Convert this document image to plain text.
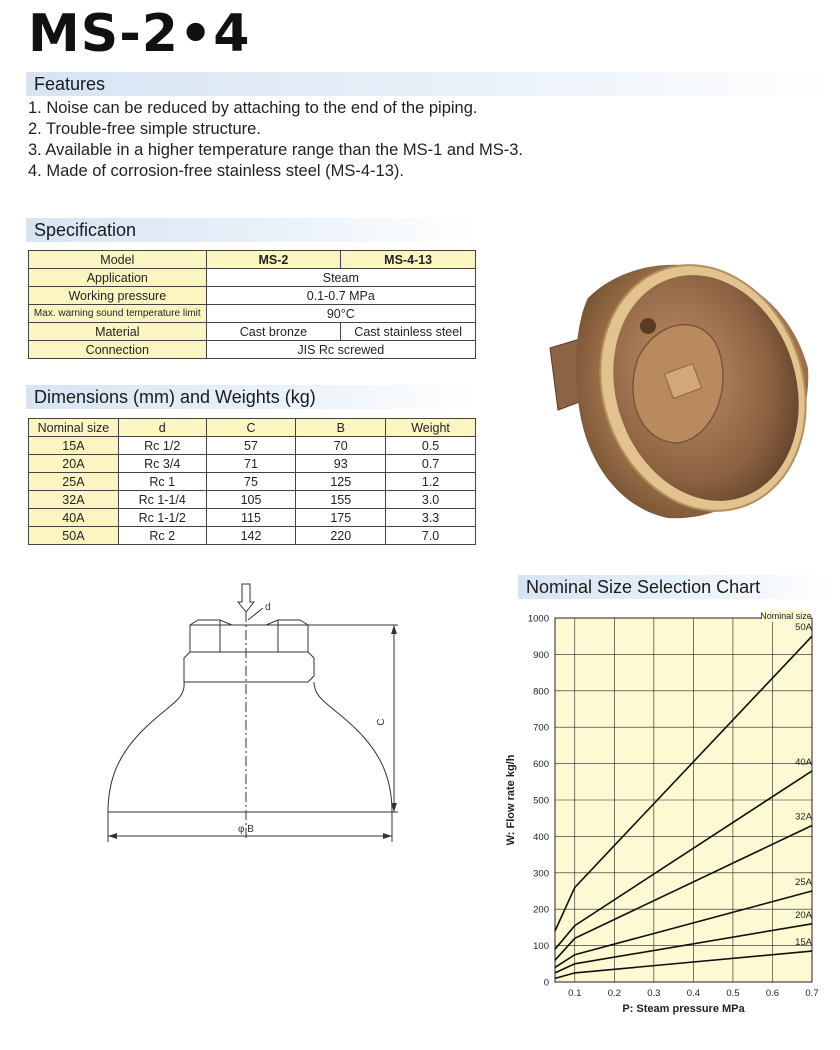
MS-2•4
Features
1. Noise can be reduced by attaching to the end of the piping.
2. Trouble-free simple structure.
3. Available in a higher temperature range than the MS-1 and MS-3.
4. Made of corrosion-free stainless steel (MS-4-13).
Specification
Model	MS-2	MS-4-13
Application	Steam	
Working pressure	0.1-0.7 MPa	
Max. warning sound temperature limit	90°C	
Material	Cast bronze	Cast stainless steel
Connection	JIS Rc screwed	
Dimensions (mm) and Weights (kg)
Nominal size	d	C	B	Weight
15A	Rc 1/2	57	70	0.5
20A	Rc 3/4	71	93	0.7
25A	Rc 1	75	125	1.2
32A	Rc 1-1/4	105	155	3.0
40A	Rc 1-1/2	115	175	3.3
50A	Rc 2	142	220	7.0
d
C
φ B
Nominal Size Selection Chart
0
100
200
300
400
500
600
700
800
900
1000
0.1	0.2	0.3	0.4	0.5	0.6	0.7
50A
40A
32A
25A
20A
15A
Nominal size
P: Steam pressure MPa
W: Flow rate kg/h
